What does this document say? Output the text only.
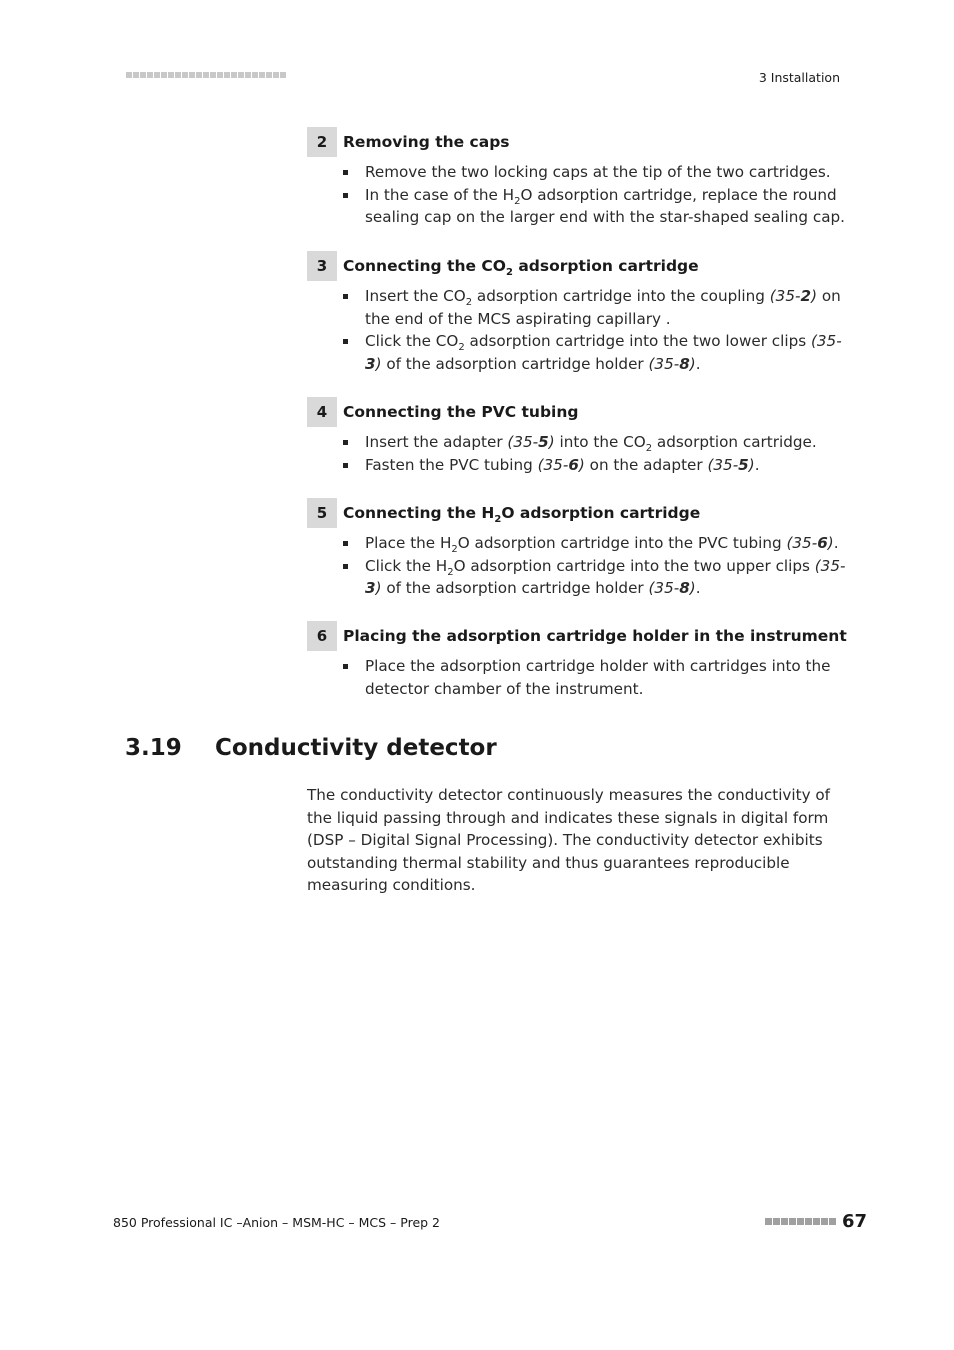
3 Installation
2	Removing the caps
Remove the two locking caps at the tip of the two cartridges.
In the case of the $H_2O$ adsorption cartridge, replace the round sealing cap on the larger end with the star-shaped sealing cap.
3	Connecting the $CO_2$ adsorption cartridge
Insert the $CO_2$ adsorption cartridge into the coupling (35-2) on the end of the MCS aspirating capillary .
Click the $CO_2$ adsorption cartridge into the two lower clips (35-3) of the adsorption cartridge holder (35-8).
4	Connecting the PVC tubing
Insert the adapter (35-5) into the $CO_2$ adsorption cartridge.
Fasten the PVC tubing (35-6) on the adapter (35-5).
5	Connecting the $H_2O$ adsorption cartridge
Place the $H_2O$ adsorption cartridge into the PVC tubing (35-6).
Click the $H_2O$ adsorption cartridge into the two upper clips (35-3) of the adsorption cartridge holder (35-8).
6	Placing the adsorption cartridge holder in the instrument
Place the adsorption cartridge holder with cartridges into the detector chamber of the instrument.
3.19	Conductivity detector

The conductivity detector continuously measures the conductivity of the liquid passing through and indicates these signals in digital form (DSP – Digital Signal Processing). The conductivity detector exhibits outstanding thermal stability and thus guarantees reproducible measuring conditions.

850 Professional IC –Anion – MSM-HC – MCS – Prep 2	67
